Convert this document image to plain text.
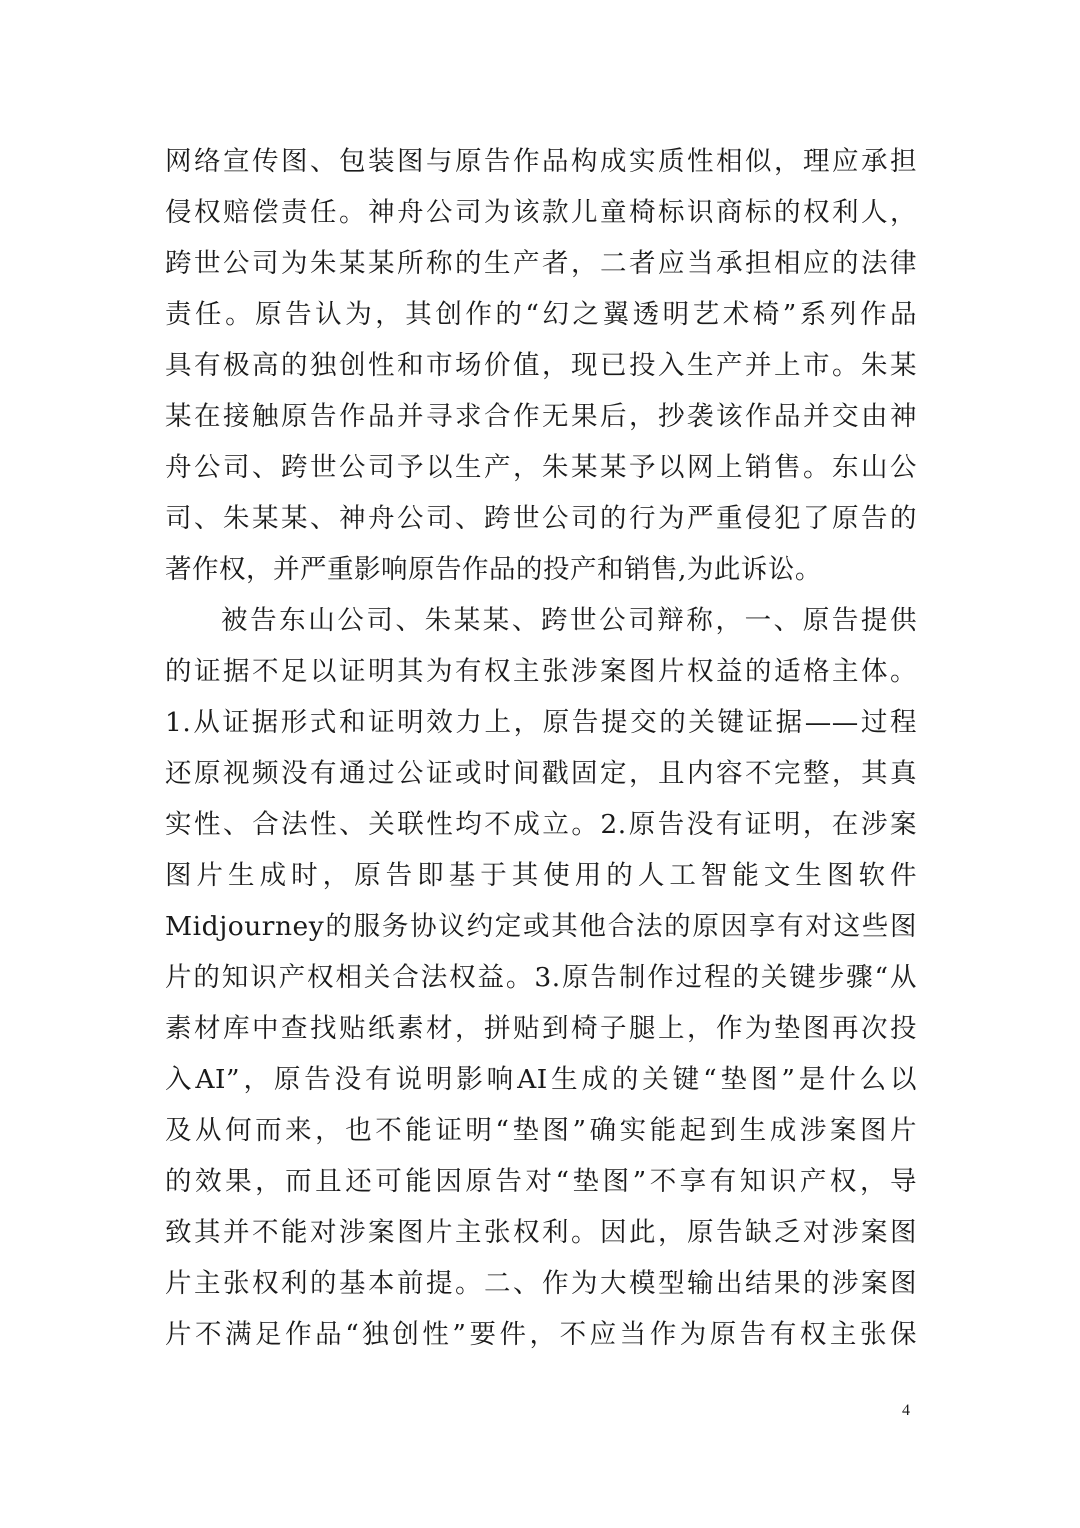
网络宣传图、包装图与原告作品构成实质性相似，理应承担
侵权赔偿责任。神舟公司为该款儿童椅标识商标的权利人，
跨世公司为朱某某所称的生产者，二者应当承担相应的法律
责任。原告认为，其创作的“幻之翼透明艺术椅”系列作品
具有极高的独创性和市场价值，现已投入生产并上市。朱某
某在接触原告作品并寻求合作无果后，抄袭该作品并交由神
舟公司、跨世公司予以生产，朱某某予以网上销售。东山公
司、朱某某、神舟公司、跨世公司的行为严重侵犯了原告的
著作权，并严重影响原告作品的投产和销售,为此诉讼。
被告东山公司、朱某某、跨世公司辩称，一、原告提供
的证据不足以证明其为有权主张涉案图片权益的适格主体。
1.从证据形式和证明效力上，原告提交的关键证据——过程
还原视频没有通过公证或时间戳固定，且内容不完整，其真
实性、合法性、关联性均不成立。2.原告没有证明，在涉案
图片生成时，原告即基于其使用的人工智能文生图软件
Midjourney的服务协议约定或其他合法的原因享有对这些图
片的知识产权相关合法权益。3.原告制作过程的关键步骤“从
素材库中查找贴纸素材，拼贴到椅子腿上，作为垫图再次投
入AI”，原告没有说明影响AI生成的关键“垫图”是什么以
及从何而来，也不能证明“垫图”确实能起到生成涉案图片
的效果，而且还可能因原告对“垫图”不享有知识产权，导
致其并不能对涉案图片主张权利。因此，原告缺乏对涉案图
片主张权利的基本前提。二、作为大模型输出结果的涉案图
片不满足作品“独创性”要件，不应当作为原告有权主张保
4
